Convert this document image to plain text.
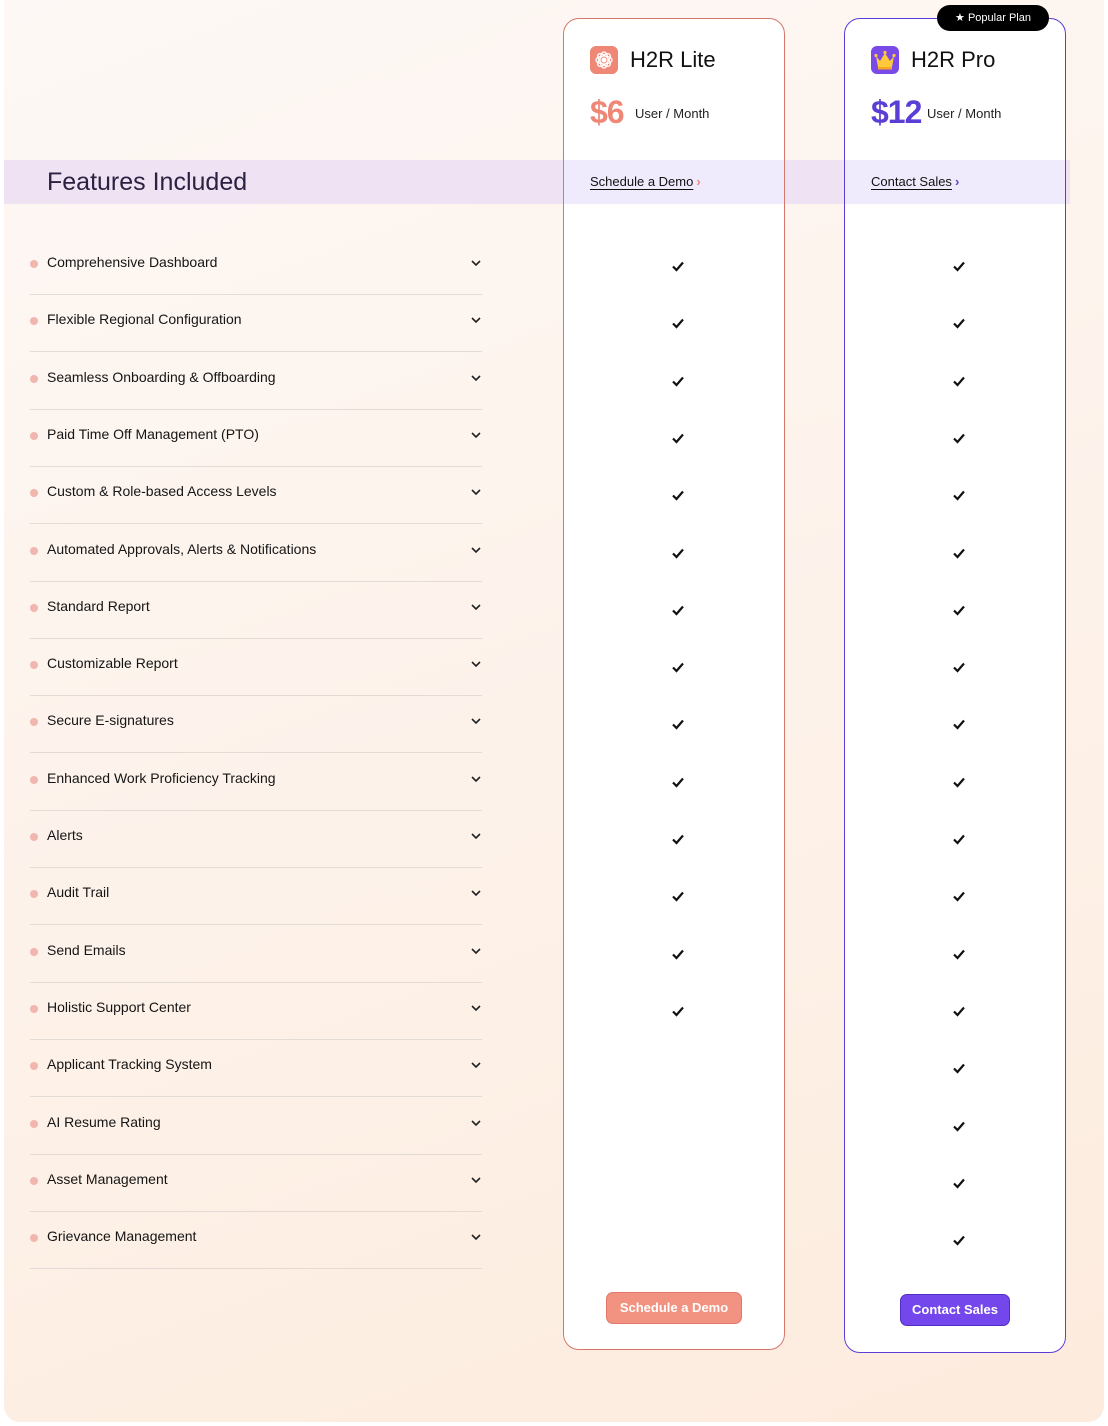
Features Included
Comprehensive Dashboard
Flexible Regional Configuration
Seamless Onboarding & Offboarding
Paid Time Off Management (PTO)
Custom & Role-based Access Levels
Automated Approvals, Alerts & Notifications
Standard Report
Customizable Report
Secure E-signatures
Enhanced Work Proficiency Tracking
Alerts
Audit Trail
Send Emails
Holistic Support Center
Applicant Tracking System
AI Resume Rating
Asset Management
Grievance Management
H2R Lite
$6 User / Month
Schedule a Demo ›
Schedule a Demo
H2R Pro
$12 User / Month
Contact Sales ›
Contact Sales
★ Popular Plan
